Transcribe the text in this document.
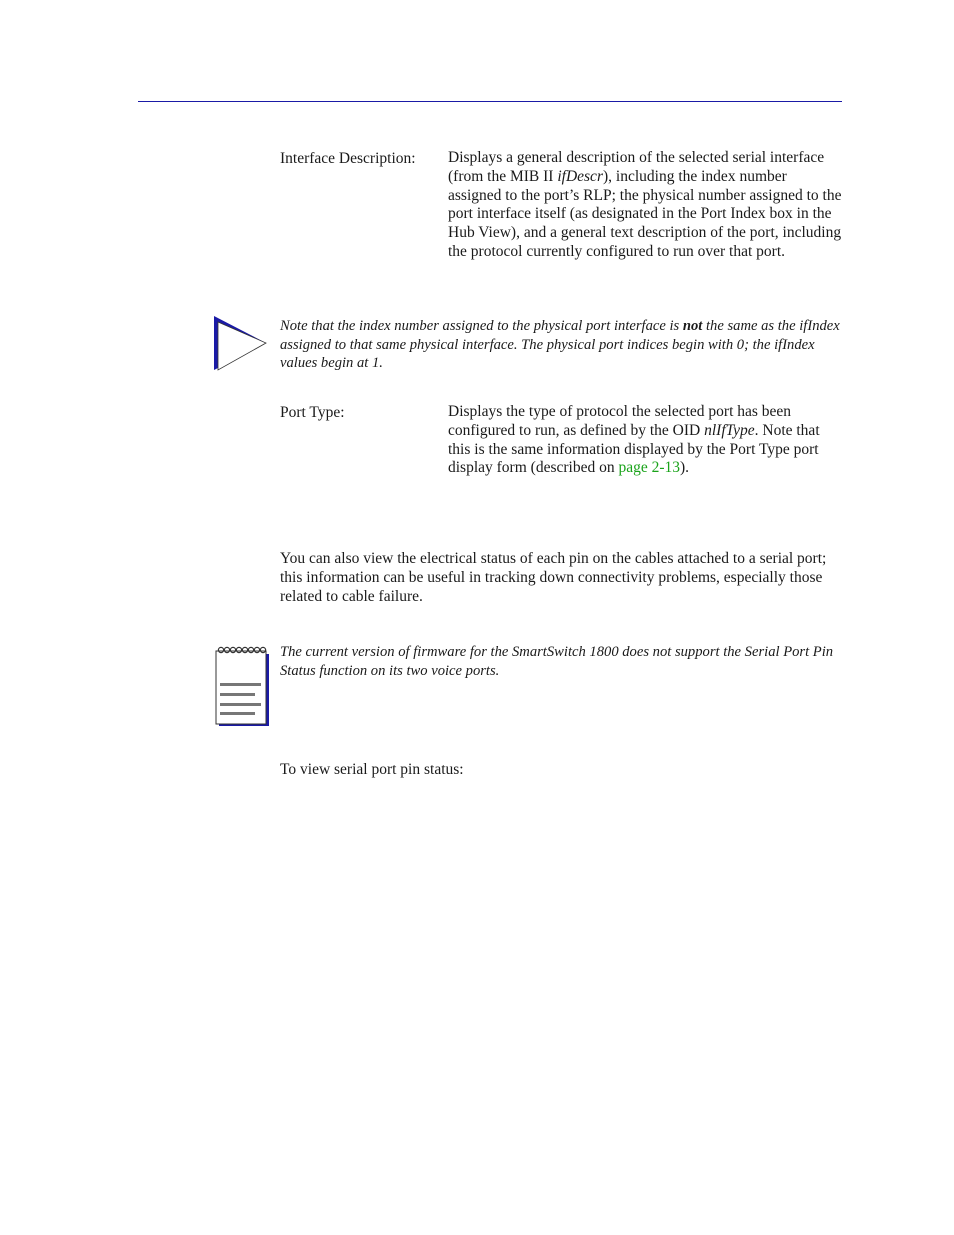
Interface Description: Displays a general description of the selected serial interface (from the MIB II ifDescr), including the index number assigned to the port’s RLP; the physical number assigned to the port interface itself (as designated in the Port Index box in the Hub View), and a general text description of the port, including the protocol currently configured to run over that port.
Note that the index number assigned to the physical port interface is not the same as the ifIndex assigned to that same physical interface. The physical port indices begin with 0; the ifIndex values begin at 1.
Port Type:	Displays the type of protocol the selected port has been configured to run, as defined by the OID nlIfType. Note that this is the same information displayed by the Port Type port display form (described on page 2-13).
You can also view the electrical status of each pin on the cables attached to a serial port; this information can be useful in tracking down connectivity problems, especially those related to cable failure.
The current version of firmware for the SmartSwitch 1800 does not support the Serial Port Pin Status function on its two voice ports.
To view serial port pin status:
